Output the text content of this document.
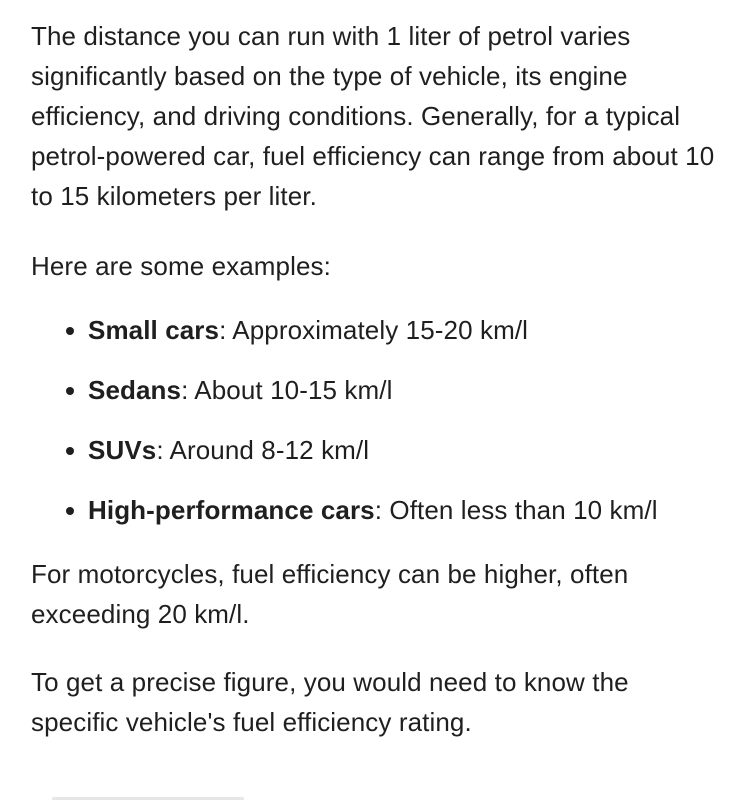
The distance you can run with 1 liter of petrol varies significantly based on the type of vehicle, its engine efficiency, and driving conditions. Generally, for a typical petrol-powered car, fuel efficiency can range from about 10 to 15 kilometers per liter.

Here are some examples:

Small cars: Approximately 15-20 km/l
Sedans: About 10-15 km/l
SUVs: Around 8-12 km/l
High-performance cars: Often less than 10 km/l

For motorcycles, fuel efficiency can be higher, often exceeding 20 km/l.

To get a precise figure, you would need to know the specific vehicle's fuel efficiency rating.
